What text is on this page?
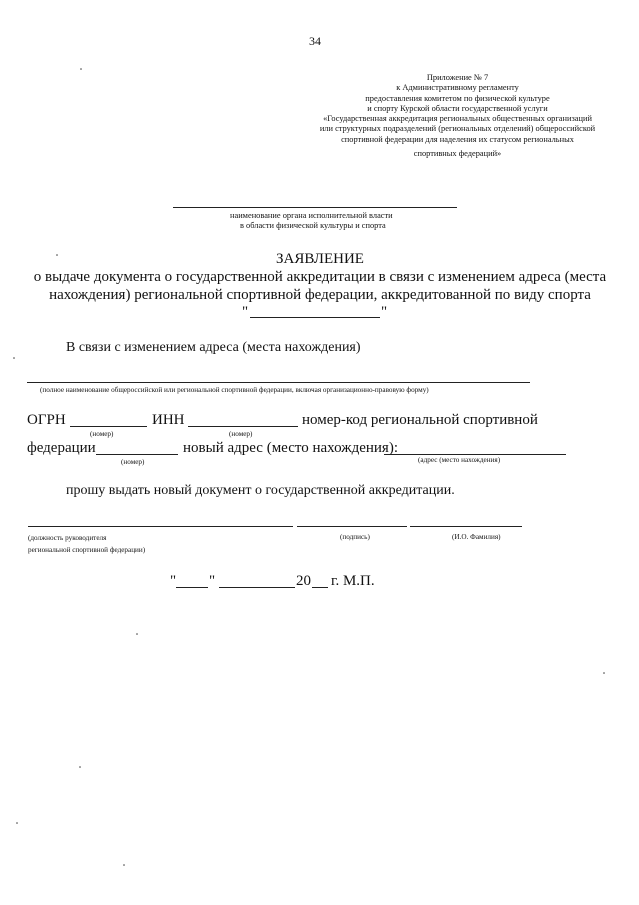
34
Приложение № 7
к Административному регламенту
предоставления комитетом по физической культуре
и спорту Курской области государственной услуги
«Государственная аккредитация региональных общественных организаций
или структурных подразделений (региональных отделений) общероссийской
спортивной федерации для наделения их статусом региональных
спортивных федераций»
наименование органа исполнительной власти
в области физической культуры и спорта
ЗАЯВЛЕНИЕ
о выдаче документа о государственной аккредитации в связи с изменением адреса (места
нахождения) региональной спортивной федерации, аккредитованной по виду спорта
"	"
В связи с изменением адреса (места нахождения)
(полное наименование общероссийской или региональной спортивной федерации, включая организационно-правовую форму)
ОГРН	ИНН	номер-код региональной спортивной
(номер)	(номер)
федерации	новый адрес (место нахождения):
(номер)	(адрес (место нахождения)
прошу выдать новый документ о государственной аккредитации.
(должность руководителя
региональной спортивной федерации)
(подпись)	(И.О. Фамилия)
" "	20 г. М.П.
